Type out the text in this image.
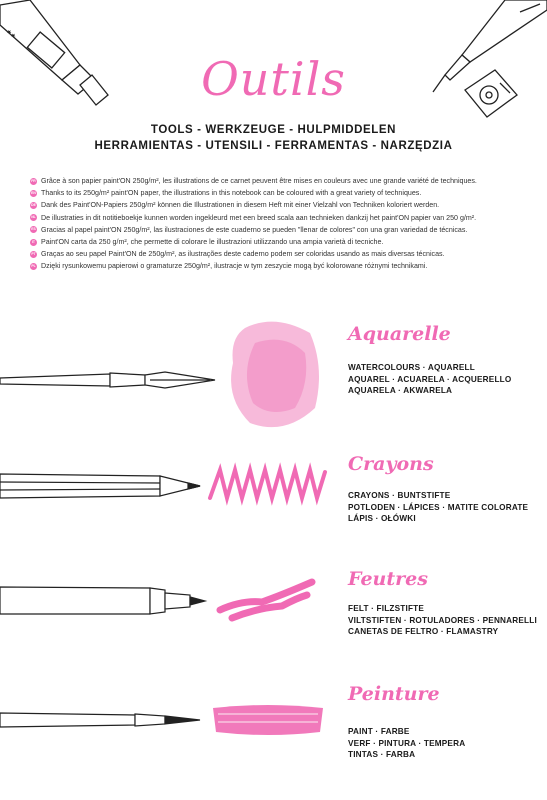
★★
Outils
TOOLS - WERKZEUGE - HULPMIDDELEN
HERRAMIENTAS - UTENSILI - FERRAMENTAS - NARZĘDZIA
FR Grâce à son papier paint'ON 250g/m², les illustrations de ce carnet peuvent être mises en couleurs avec une grande variété de techniques.
EN Thanks to its 250g/m² paint'ON paper, the illustrations in this notebook can be coloured with a great variety of techniques.
DE Dank des Paint'ON-Papiers 250g/m² können die Illustrationen in diesem Heft mit einer Vielzahl von Techniken koloriert werden.
NL De illustraties in dit notitieboekje kunnen worden ingekleurd met een breed scala aan technieken dankzij het paint'ON papier van 250 g/m².
ES Gracias al papel paint'ON 250g/m², las ilustraciones de este cuaderno se pueden "llenar de colores" con una gran variedad de técnicas.
IT Paint'ON carta da 250 g/m², che permette di colorare le illustrazioni utilizzando una ampia varietà di tecniche.
PT Graças ao seu papel Paint'ON de 250g/m², as ilustrações deste caderno podem ser coloridas usando as mais diversas técnicas.
PL Dzięki rysunkowemu papierowi o gramaturze 250g/m², ilustracje w tym zeszycie mogą być kolorowane różnymi technikami.
Aquarelle
WATERCOLOURS · AQUARELL
AQUAREL · ACUARELA · ACQUERELLO
AQUARELA · AKWARELA
Crayons
CRAYONS · BUNTSTIFTE
POTLODEN · LÁPICES · MATITE COLORATE
LÁPIS · OŁÓWKI
Feutres
FELT · FILZSTIFTE
VILTSTIFTEN · ROTULADORES · PENNARELLI
CANETAS DE FELTRO · FLAMASTRY
Peinture
PAINT · FARBE
VERF · PINTURA · TEMPERA
TINTAS · FARBA
